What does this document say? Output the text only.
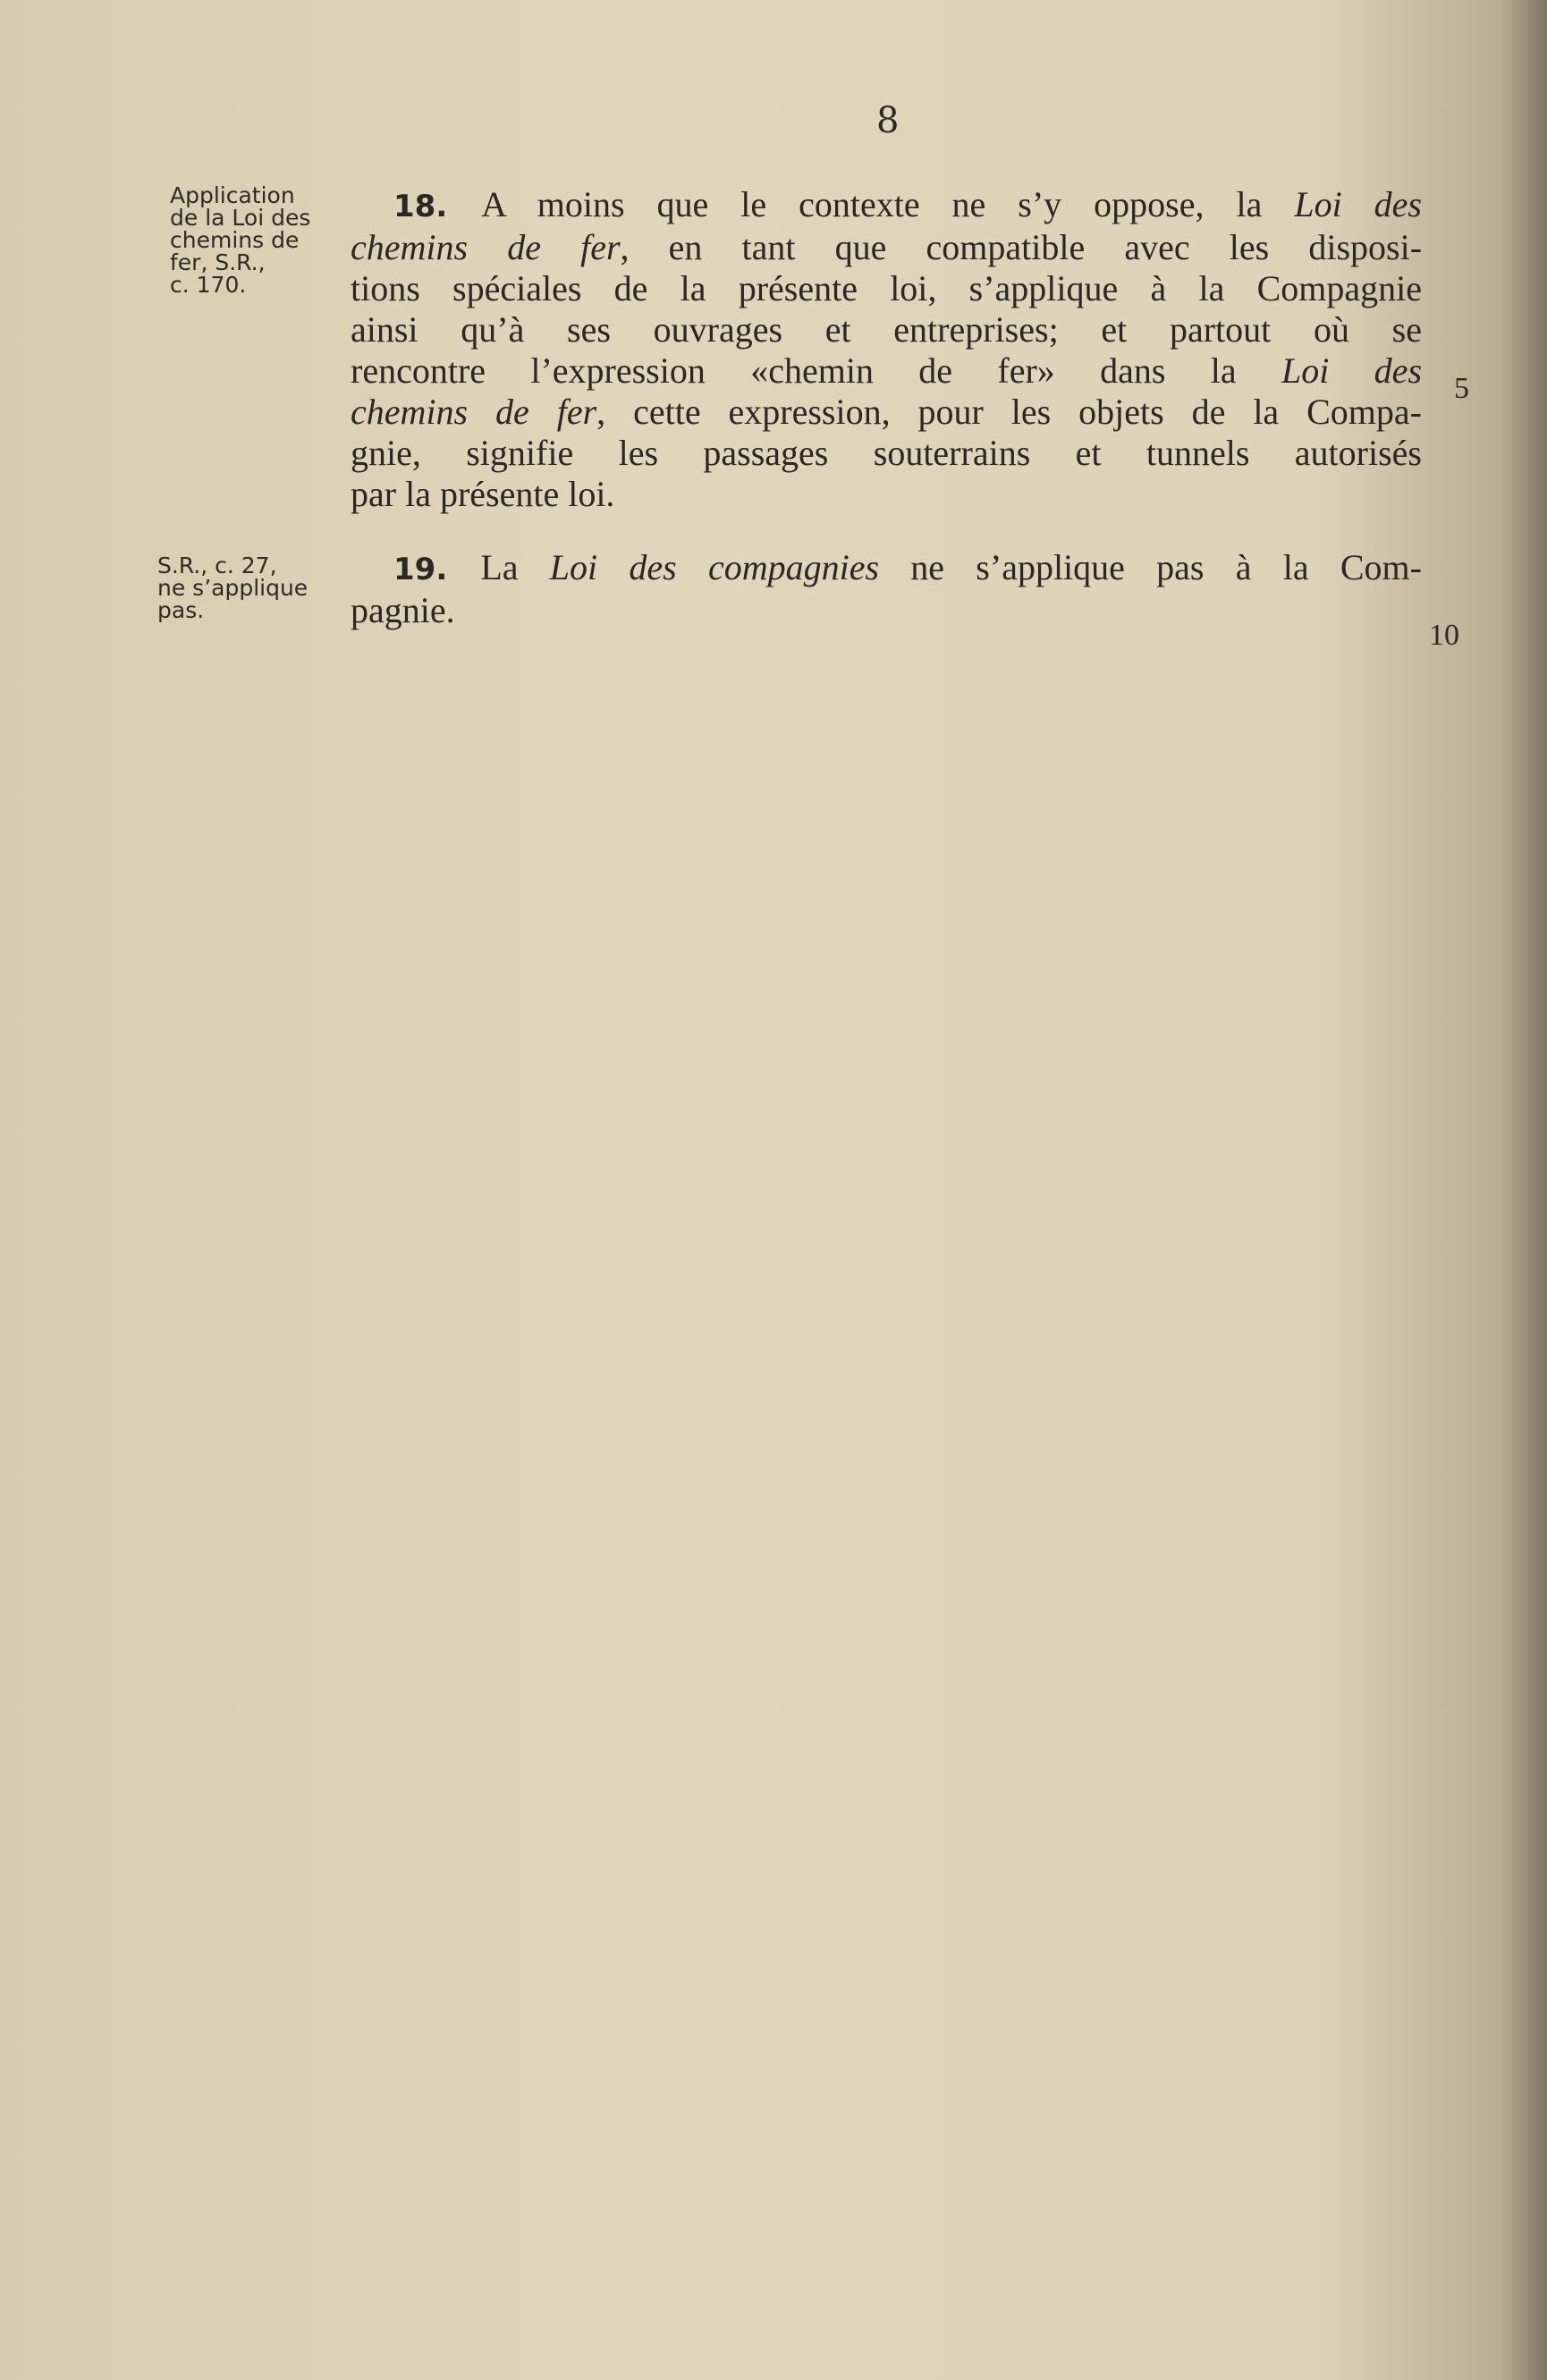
8
Application
de la Loi des
chemins de
fer, S.R.,
c. 170.
18. A moins que le contexte ne s’y oppose, la Loi des
chemins de fer, en tant que compatible avec les disposi-
tions spéciales de la présente loi, s’applique à la Compagnie
ainsi qu’à ses ouvrages et entreprises; et partout où se
rencontre l’expression «chemin de fer» dans la Loi des
chemins de fer, cette expression, pour les objets de la Compa-
gnie, signifie les passages souterrains et tunnels autorisés
par la présente loi.
5
S.R., c. 27,
ne s’applique
pas.
19. La Loi des compagnies ne s’applique pas à la Com-
pagnie.
10
